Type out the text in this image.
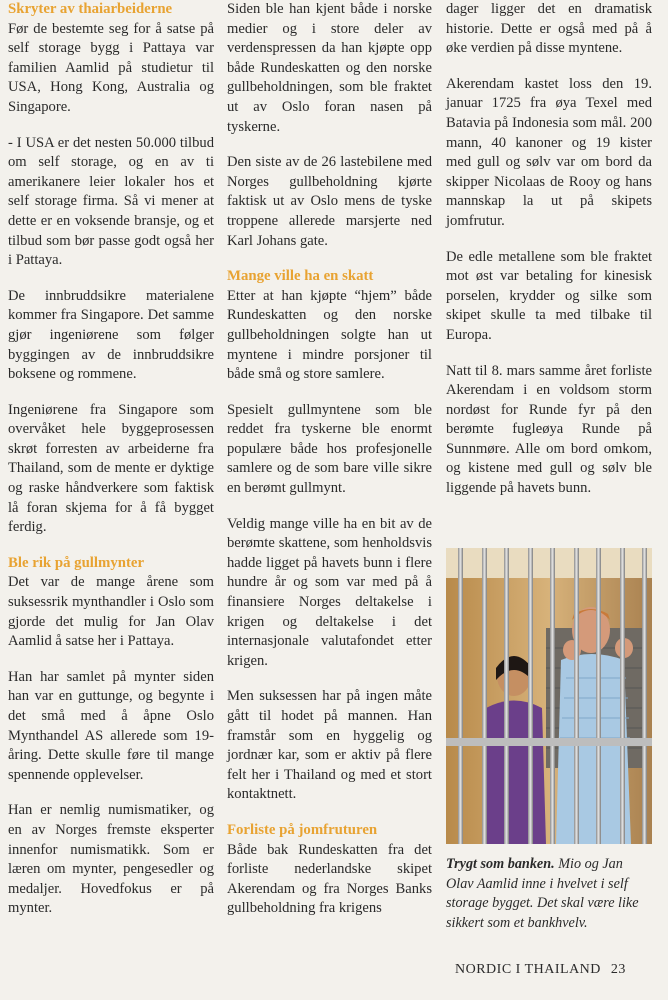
Skryter av thaiarbeiderne

Før de bestemte seg for å satse på self storage bygg i Pattaya var familien Aamlid på studietur til USA, Hong Kong, Australia og Singapore.

- I USA er det nesten 50.000 tilbud om self storage, og en av ti amerikanere leier lokaler hos et self storage firma. Så vi mener at dette er en voksende bransje, og et tilbud som bør passe godt også her i Pattaya.

De innbruddsikre materialene kommer fra Singapore. Det samme gjør ingeniørene som følger byggingen av de innbruddsikre boksene og rommene.

Ingeniørene fra Singapore som overvåket hele byggeprosessen skrøt forresten av arbeiderne fra Thailand, som de mente er dyktige og raske håndverkere som faktisk lå foran skjema for å få bygget ferdig.

Ble rik på gullmynter

Det var de mange årene som suksessrik mynthandler i Oslo som gjorde det mulig for Jan Olav Aamlid å satse her i Pattaya.

Han har samlet på mynter siden han var en guttunge, og begynte i det små med å åpne Oslo Mynthandel AS allerede som 19-åring. Dette skulle føre til mange spennende opplevelser.

Han er nemlig numismatiker, og en av Norges fremste eksperter innenfor numismatikk. Som er læren om mynter, pengesedler og medaljer. Hovedfokus er på mynter.

Siden ble han kjent både i norske medier og i store deler av verdenspressen da han kjøpte opp både Rundeskatten og den norske gullbeholdningen, som ble fraktet ut av Oslo foran nasen på tyskerne.

Den siste av de 26 lastebilene med Norges gullbeholdning kjørte faktisk ut av Oslo mens de tyske troppene allerede marsjerte ned Karl Johans gate.

Mange ville ha en skatt

Etter at han kjøpte “hjem” både Rundeskatten og den norske gullbeholdningen solgte han ut myntene i mindre porsjoner til både små og store samlere.

Spesielt gullmyntene som ble reddet fra tyskerne ble enormt populære både hos profesjonelle samlere og de som bare ville sikre en berømt gullmynt.

Veldig mange ville ha en bit av de berømte skattene, som henholdsvis hadde ligget på havets bunn i flere hundre år og som var med på å finansiere Norges deltakelse i krigen og deltakelse i det internasjonale valutafondet etter krigen.

Men suksessen har på ingen måte gått til hodet på mannen. Han framstår som en hyggelig og jordnær kar, som er aktiv på flere felt her i Thailand og med et stort kontaktnett.

Forliste på jomfruturen

Både bak Rundeskatten fra det forliste nederlandske skipet Akerendam og fra Norges Banks gullbeholdning fra krigens

dager ligger det en dramatisk historie. Dette er også med på å øke verdien på disse myntene.

Akerendam kastet loss den 19. januar 1725 fra øya Texel med Batavia på Indonesia som mål. 200 mann, 40 kanoner og 19 kister med gull og sølv var om bord da skipper Nicolaas de Rooy og hans mannskap la ut på skipets jomfrutur.

De edle metallene som ble fraktet mot øst var betaling for kinesisk porselen, krydder og silke som skipet skulle ta med tilbake til Europa.

Natt til 8. mars samme året forliste Akerendam i en voldsom storm nordøst for Runde fyr på den berømte fugleøya Runde på Sunnmøre. Alle om bord omkom, og kistene med gull og sølv ble liggende på havets bunn.

Trygt som banken. Mio og Jan Olav Aamlid inne i hvelvet i self storage bygget. Det skal være like sikkert som et bankhvelv.
NORDIC I THAILAND 23
